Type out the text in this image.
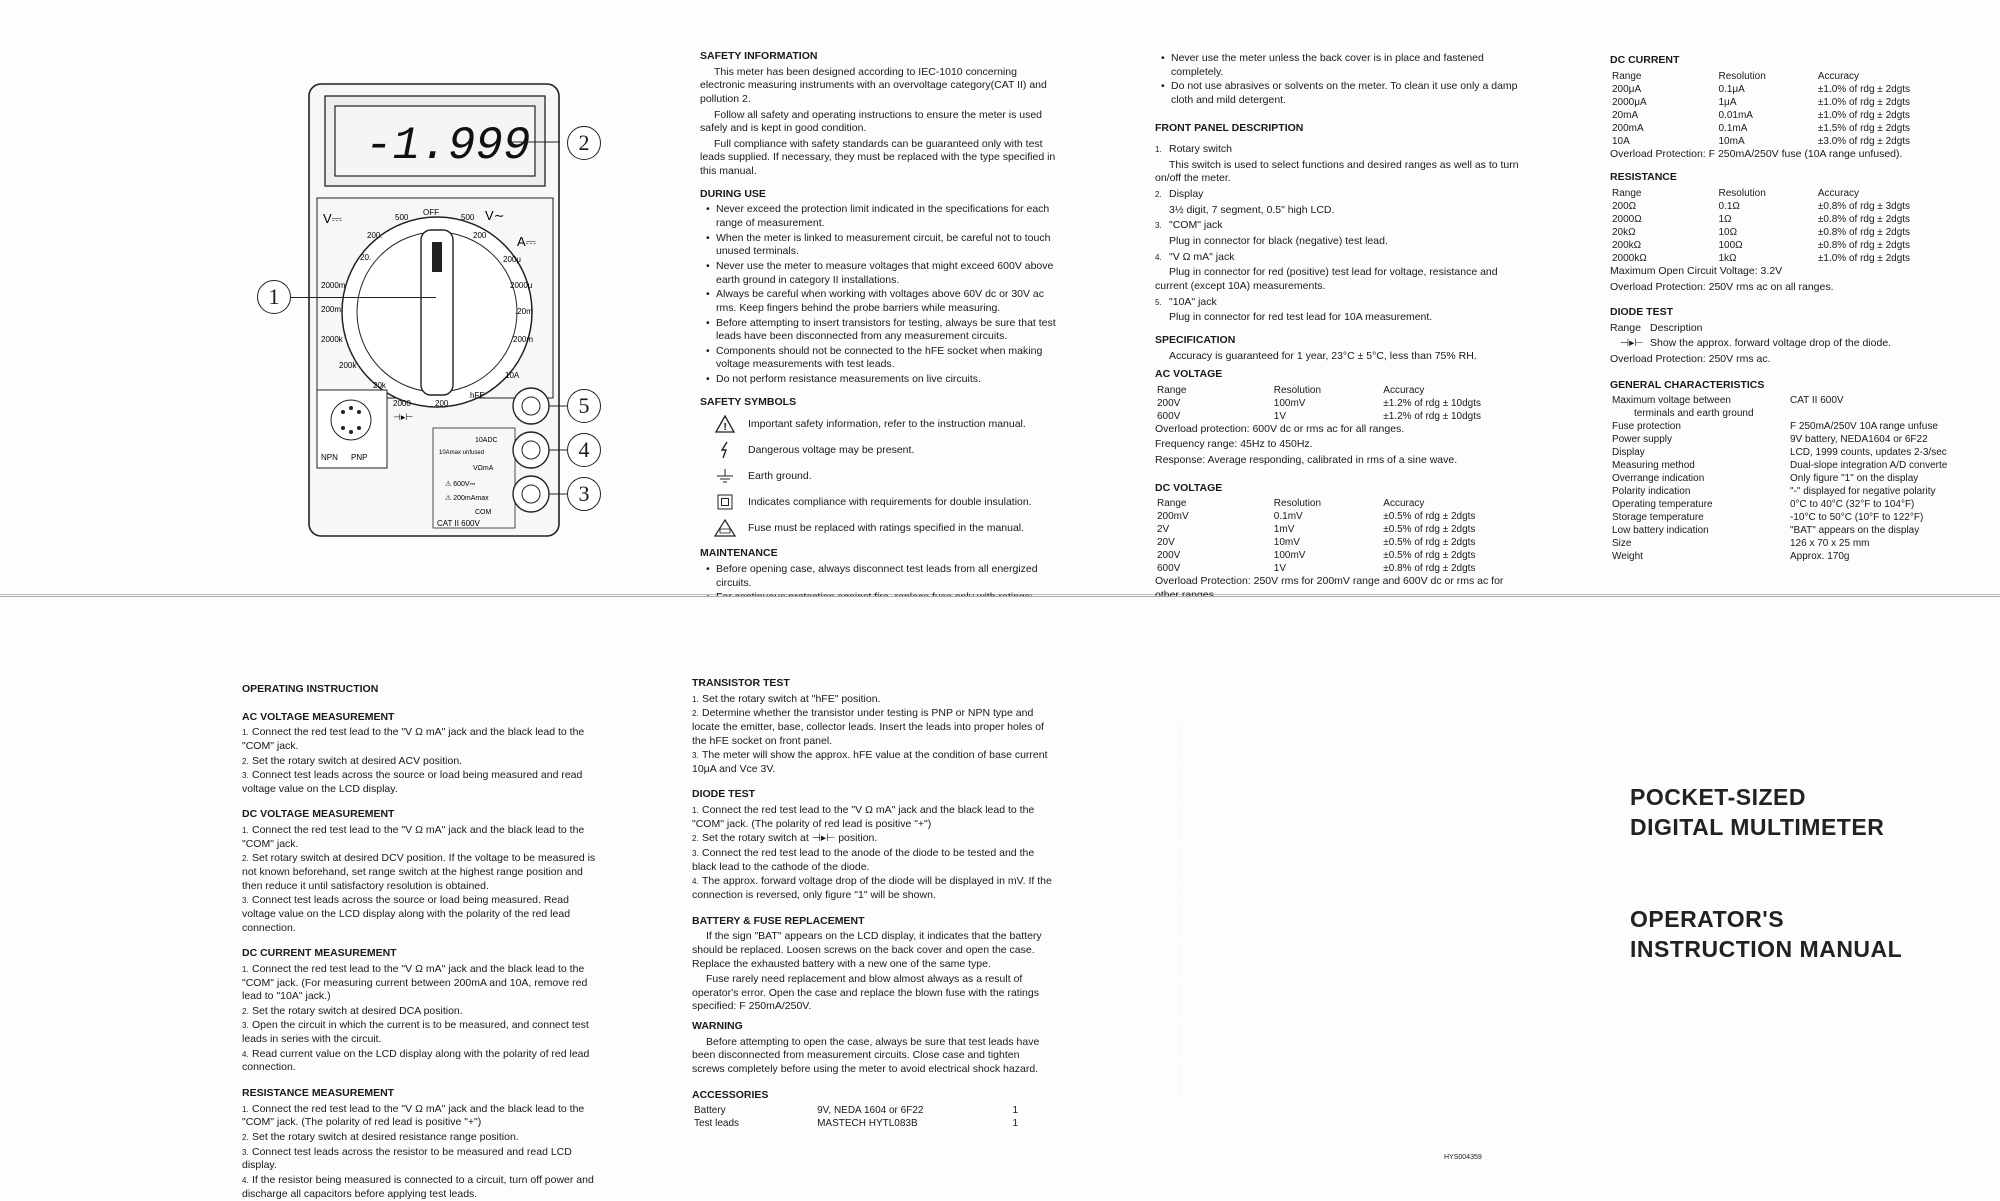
-1.999
V⎓	500
OFF
500 V∼
200.	200 A⎓
20.	200μ
2000m	2000μ
200m.	.20m
2000k	200m
200k
10A
20k
hFE
NPN PNP
2000	200
⊣▸⊢
10ADC
10Amax unfused
VΩmA
⚠ 600V⎓
⚠ 200mAmax
COM
CAT II 600V
1
2
5
4
3
SAFETY INFORMATION

This meter has been designed according to IEC-1010 concerning electronic measuring instruments with an overvoltage category(CAT II) and pollution 2.

Follow all safety and operating instructions to ensure the meter is used safely and is kept in good condition.

Full compliance with safety standards can be guaranteed only with test leads supplied. If necessary, they must be replaced with the type specified in this manual.

DURING USE
• Never exceed the protection limit indicated in the specifications for each range of measurement.
• When the meter is linked to measurement circuit, be careful not to touch unused terminals.
• Never use the meter to measure voltages that might exceed 600V above earth ground in category II installations.
• Always be careful when working with voltages above 60V dc or 30V ac rms. Keep fingers behind the probe barriers while measuring.
• Before attempting to insert transistors for testing, always be sure that test leads have been disconnected from any measurement circuits.
• Components should not be connected to the hFE socket when making voltage measurements with test leads.
• Do not perform resistance measurements on live circuits.
SAFETY SYMBOLS
! Important safety information, refer to the instruction manual.
Dangerous voltage may be present.
Earth ground.
Indicates compliance with requirements for double insulation.
Fuse must be replaced with ratings specified in the manual.
MAINTENANCE
• Before opening case, always disconnect test leads from all energized circuits.
•

• Never use the meter unless the back cover is in place and fastened completely.
• Do not use abrasives or solvents on the meter. To clean it use only a damp cloth and mild detergent.
FRONT PANEL DESCRIPTION

1. Rotary switch

This switch is used to select functions and desired ranges as well as to turn on/off the meter.

2. Display

3½ digit, 7 segment, 0.5" high LCD.

3. "COM" jack

Plug in connector for black (negative) test lead.

4. "V Ω mA" jack

Plug in connector for red (positive) test lead for voltage, resistance and current (except 10A) measurements.

5. "10A" jack

Plug in connector for red test lead for 10A measurement.

SPECIFICATION

Accuracy is guaranteed for 1 year, 23°C ± 5°C, less than 75% RH.

AC VOLTAGE
Range	Resolution	Accuracy
200V	100mV	±1.2% of rdg ± 10dgts
600V	1V	±1.2% of rdg ± 10dgts

Overload protection: 600V dc or rms ac for all ranges.

Frequency range: 45Hz to 450Hz.

Response: Average responding, calibrated in rms of a sine wave.

DC VOLTAGE
Range	Resolution	Accuracy
200mV	0.1mV	±0.5% of rdg ± 2dgts
2V	1mV	±0.5% of rdg ± 2dgts
20V	10mV	±0.5% of rdg ± 2dgts
200V	100mV	±0.5% of rdg ± 2dgts
600V	1V	±0.8% of rdg ± 2dgts

Overload Protection: 250V rms for 200mV range and 600V dc or rms ac for

DC CURRENT
Range	Resolution	Accuracy
200μA	0.1μA	±1.0% of rdg ± 2dgts
2000μA	1μA	±1.0% of rdg ± 2dgts
20mA	0.01mA	±1.0% of rdg ± 2dgts
200mA	0.1mA	±1.5% of rdg ± 2dgts
10A	10mA	±3.0% of rdg ± 2dgts

Overload Protection: F 250mA/250V fuse (10A range unfused).

RESISTANCE
Range	Resolution	Accuracy
200Ω	0.1Ω	±0.8% of rdg ± 3dgts
2000Ω	1Ω	±0.8% of rdg ± 2dgts
20kΩ	10Ω	±0.8% of rdg ± 2dgts
200kΩ	100Ω	±0.8% of rdg ± 2dgts
2000kΩ	1kΩ	±1.0% of rdg ± 2dgts

Maximum Open Circuit Voltage: 3.2V

Overload Protection: 250V rms ac on all ranges.

DIODE TEST

Range Description

⊣▸⊢ Show the approx. forward voltage drop of the diode.

Overload Protection: 250V rms ac.

GENERAL CHARACTERISTICS
Maximum voltage between	CAT II 600V
terminals and earth ground	
Fuse protection	F 250mA/250V 10A range unfuse
Power supply	9V battery, NEDA1604 or 6F22
Display	LCD, 1999 counts, updates 2-3/sec
Measuring method	Dual-slope integration A/D converte
Overrange indication	Only figure "1" on the display
Polarity indication	"-" displayed for negative polarity
Operating temperature	0°C to 40°C (32°F to 104°F)
Storage temperature	-10°C to 50°C (10°F to 122°F)
Low battery indication	"BAT" appears on the display
Size	126 x 70 x 25 mm
Weight	Approx. 170g
OPERATING INSTRUCTION
AC VOLTAGE MEASUREMENT
1. Connect the red test lead to the "V Ω mA" jack and the black lead to the "COM" jack.
2. Set the rotary switch at desired ACV position.
3. Connect test leads across the source or load being measured and read voltage value on the LCD display.
DC VOLTAGE MEASUREMENT
1. Connect the red test lead to the "V Ω mA" jack and the black lead to the "COM" jack.
2. Set rotary switch at desired DCV position. If the voltage to be measured is not known beforehand, set range switch at the highest range position and then reduce it until satisfactory resolution is obtained.
3. Connect test leads across the source or load being measured. Read voltage value on the LCD display along with the polarity of the red lead connection.
DC CURRENT MEASUREMENT
1. Connect the red test lead to the "V Ω mA" jack and the black lead to the "COM" jack. (For measuring current between 200mA and 10A, remove red lead to "10A" jack.)
2. Set the rotary switch at desired DCA position.
3. Open the circuit in which the current is to be measured, and connect test leads in series with the circuit.
4. Read current value on the LCD display along with the polarity of red lead connection.
RESISTANCE MEASUREMENT
1. Connect the red test lead to the "V Ω mA" jack and the black lead to the "COM" jack. (The polarity of red lead is positive "+")
2. Set the rotary switch at desired resistance range position.
3. Connect test leads across the resistor to be measured and read LCD display.
4. If the resistor being measured is connected to a circuit, turn off power and discharge all capacitors before applying test leads.
TRANSISTOR TEST
1. Set the rotary switch at "hFE" position.
2. Determine whether the transistor under testing is PNP or NPN type and locate the emitter, base, collector leads. Insert the leads into proper holes of the hFE socket on front panel.
3. The meter will show the approx. hFE value at the condition of base current 10μA and Vce 3V.
DIODE TEST
1. Connect the red test lead to the "V Ω mA" jack and the black lead to the "COM" jack. (The polarity of red lead is positive "+")
2. Set the rotary switch at ⊣▸⊢ position.
3. Connect the red test lead to the anode of the diode to be tested and the black lead to the cathode of the diode.
4. The approx. forward voltage drop of the diode will be displayed in mV. If the connection is reversed, only figure "1" will be shown.
BATTERY & FUSE REPLACEMENT

If the sign "BAT" appears on the LCD display, it indicates that the battery should be replaced. Loosen screws on the back cover and open the case. Replace the exhausted battery with a new one of the same type.

Fuse rarely need replacement and blow almost always as a result of operator's error. Open the case and replace the blown fuse with the ratings specified: F 250mA/250V.

WARNING

Before attempting to open the case, always be sure that test leads have been disconnected from measurement circuits. Close case and tighten screws completely before using the meter to avoid electrical shock hazard.

ACCESSORIES
Battery	9V, NEDA 1604 or 6F22	1
Test leads	MASTECH HYTL083B	1
POCKET-SIZED
DIGITAL MULTIMETER
OPERATOR'S
INSTRUCTION MANUAL
HYS004359
